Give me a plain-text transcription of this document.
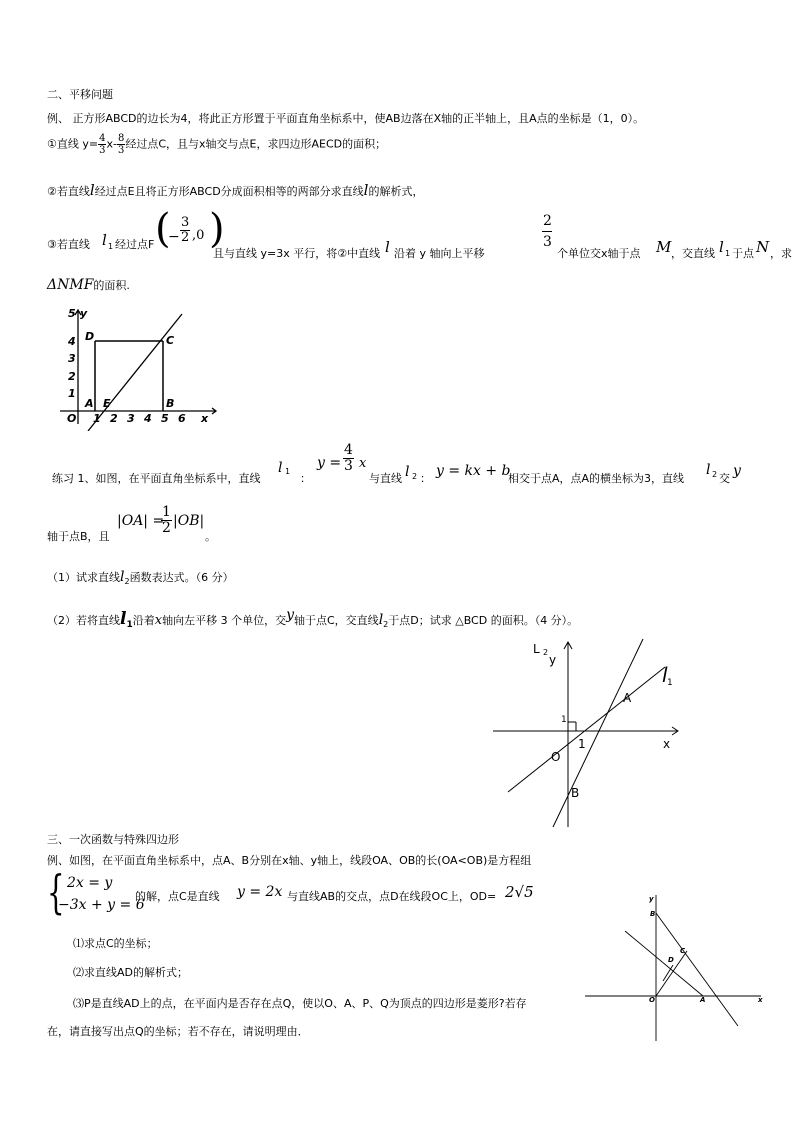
二、平移问题
例、 正方形ABCD的边长为4，将此正方形置于平面直角坐标系中，使AB边落在X轴的正半轴上，且A点的坐标是（1，0）。
①直线 $y= \frac{4}{3} x- \frac{8}{3}$ 经过点C，且与x轴交与点E，求四边形AECD的面积；
②若直线l经过点E且将正方形ABCD分成面积相等的两部分求直线l的解析式，
③若直线 l 1 经过点F (
− $\frac{3}{2} ,0$ )
且与直线 y=3x 平行，将②中直线 l 沿着 y 轴向上平移
2
3
个单位交x轴于点 M ，交直线 l 1 于点 N ，求
ΔNMF的面积.
5
4
3
2
1
y
O 1 2 3 4 5 6 x
A E	B
D	C
练习 1、如图，在平面直角坐标系中，直线
l 1
：
$y = \frac{4}{3}$ x
与直线 l 2 ： y = kx + b
相交于点A，点A的横坐标为3，直线
l 2 交 y
轴于点B，且
|OA| =
$\frac{1}{2} |OB|$
。
（1）试求直线$l_2$函数表达式。（6 分）
（2）若将直线$l_1$沿着x轴向左平移 3 个单位，交y轴于点C，交直线$l_2$于点D；试求 △BCD 的面积。（4 分）。
L 2
y
x
l 1
A
B
O
1
1
三、一次函数与特殊四边形
例、如图，在平面直角坐标系中，点A、B分别在x轴、y轴上，线段OA、OB的长(OA<OB)是方程组
{ 2x = y
−3x + y = 6
的解，点C是直线 y = 2x 与直线AB的交点，点D在线段OC上，OD= 2√5
⑴求点C的坐标；
⑵求直线AD的解析式；
⑶P是直线AD上的点，在平面内是否存在点Q，使以O、A、P、Q为顶点的四边形是菱形?若存
在，请直接写出点Q的坐标；若不存在，请说明理由．
y
x
B
C
D
O	A
